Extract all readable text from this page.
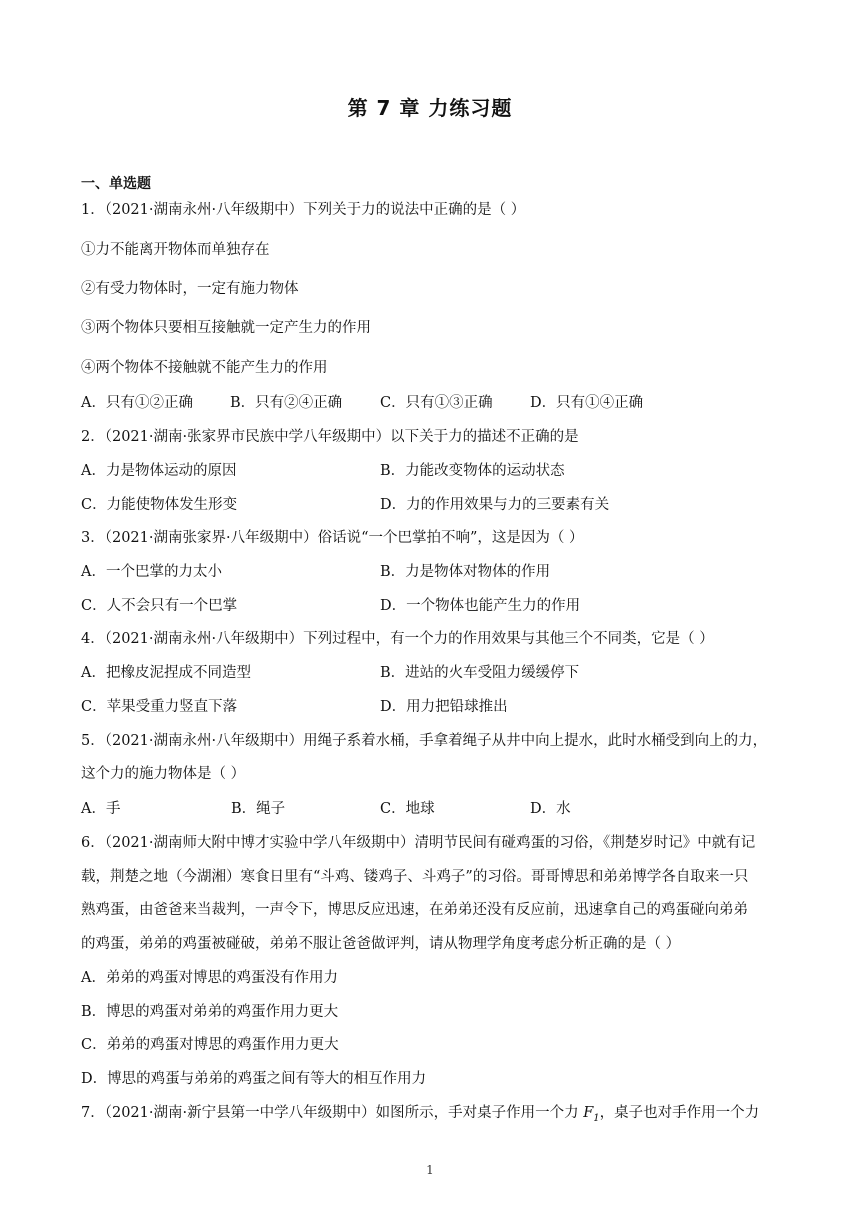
第 7 章 力练习题
一、单选题
1．（2021·湖南永州·八年级期中）下列关于力的说法中正确的是（ ）
①力不能离开物体而单独存在
②有受力物体时，一定有施力物体
③两个物体只要相互接触就一定产生力的作用
④两个物体不接触就不能产生力的作用
A．只有①②正确	B．只有②④正确	C．只有①③正确	D．只有①④正确
2．（2021·湖南·张家界市民族中学八年级期中）以下关于力的描述不正确的是
A．力是物体运动的原因	B．力能改变物体的运动状态
C．力能使物体发生形变	D．力的作用效果与力的三要素有关
3．（2021·湖南张家界·八年级期中）俗话说“一个巴掌拍不响”，这是因为（ ）
A．一个巴掌的力太小	B．力是物体对物体的作用
C．人不会只有一个巴掌	D．一个物体也能产生力的作用
4．（2021·湖南永州·八年级期中）下列过程中，有一个力的作用效果与其他三个不同类，它是（ ）
A．把橡皮泥捏成不同造型	B．进站的火车受阻力缓缓停下
C．苹果受重力竖直下落	D．用力把铅球推出
5．（2021·湖南永州·八年级期中）用绳子系着水桶，手拿着绳子从井中向上提水，此时水桶受到向上的力，
这个力的施力物体是（ ）
A．手	B．绳子	C．地球	D．水
6．（2021·湖南师大附中博才实验中学八年级期中）清明节民间有碰鸡蛋的习俗，《荆楚岁时记》中就有记
载，荆楚之地（今湖湘）寒食日里有“斗鸡、镂鸡子、斗鸡子”的习俗。哥哥博思和弟弟博学各自取来一只
熟鸡蛋，由爸爸来当裁判，一声令下，博思反应迅速，在弟弟还没有反应前，迅速拿自己的鸡蛋碰向弟弟
的鸡蛋，弟弟的鸡蛋被碰破，弟弟不服让爸爸做评判，请从物理学角度考虑分析正确的是（ ）
A．弟弟的鸡蛋对博思的鸡蛋没有作用力
B．博思的鸡蛋对弟弟的鸡蛋作用力更大
C．弟弟的鸡蛋对博思的鸡蛋作用力更大
D．博思的鸡蛋与弟弟的鸡蛋之间有等大的相互作用力
7．（2021·湖南·新宁县第一中学八年级期中）如图所示，手对桌子作用一个力 $F_1$，桌子也对手作用一个力
1
